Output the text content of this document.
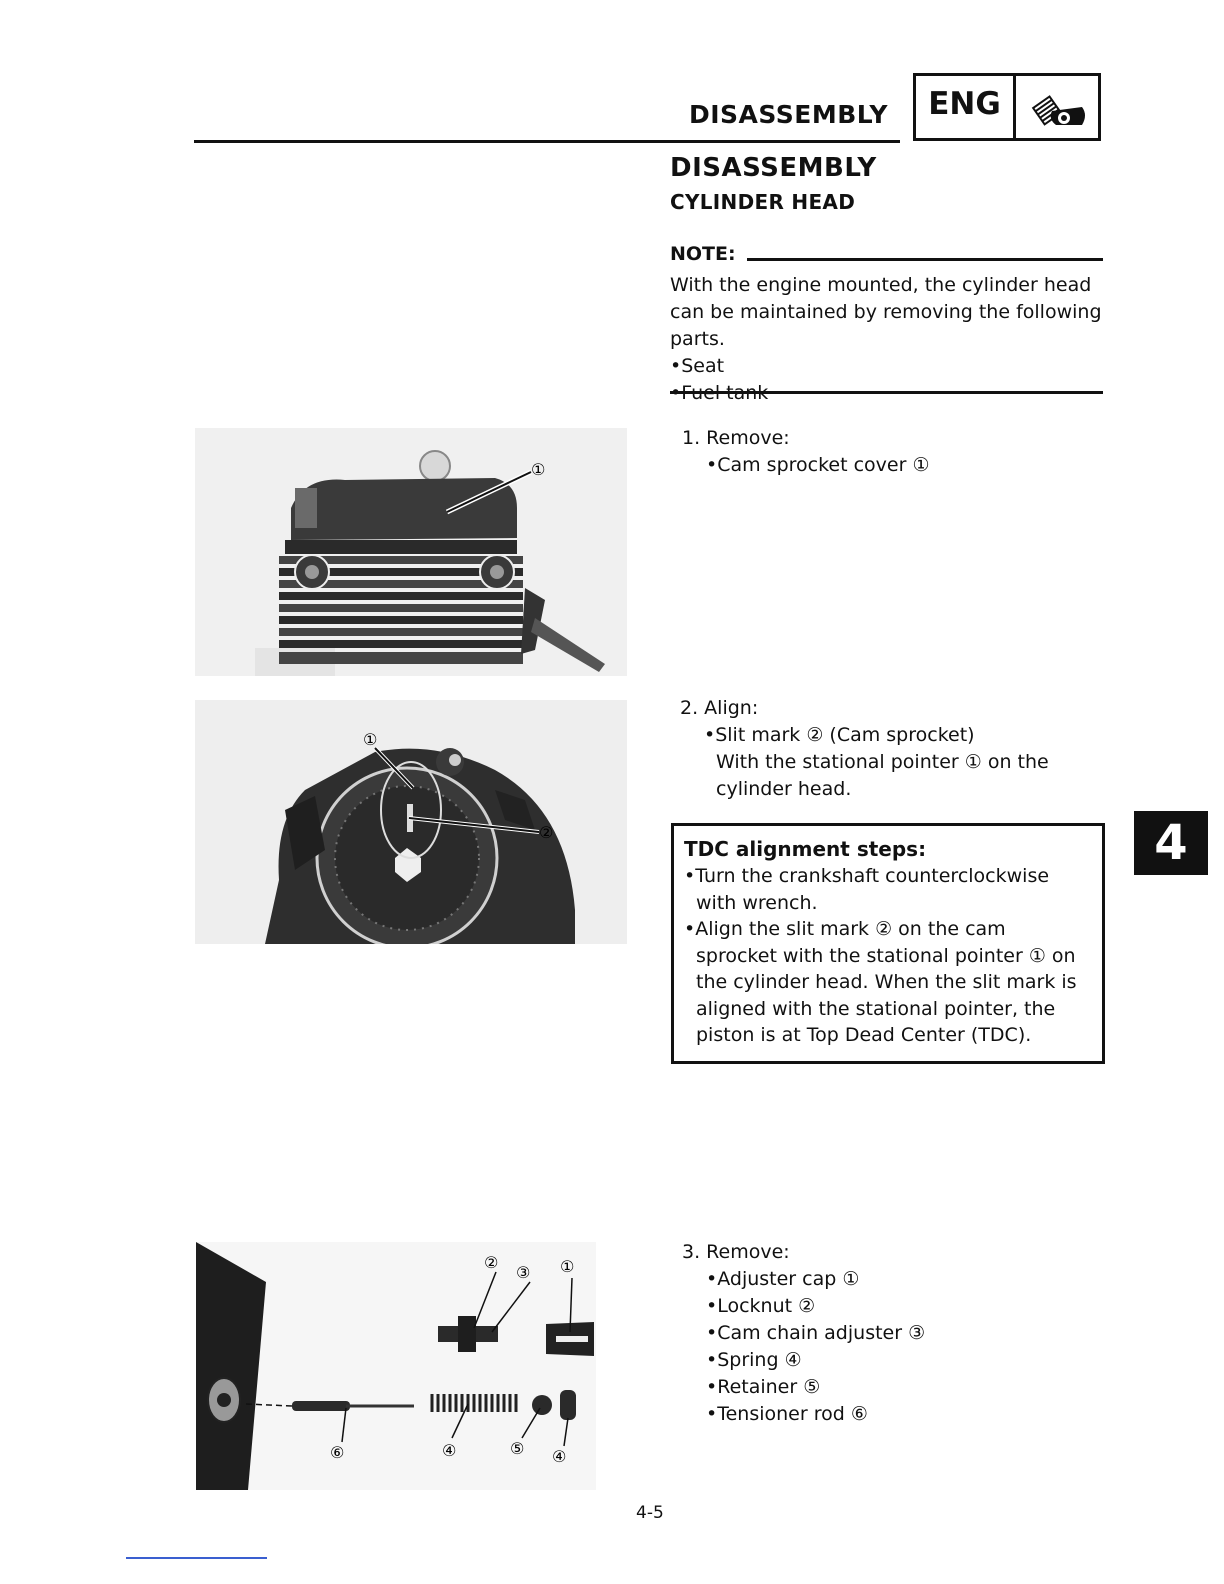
DISASSEMBLY	ENG
DISASSEMBLY
CYLINDER HEAD
NOTE:
With the engine mounted, the cylinder head can be maintained by removing the following parts.
• Seat
•
1. Remove:
• Cam sprocket cover ①
2. Align:
• Slit mark ② (Cam sprocket)
With the stational pointer ① on the cylinder head.
TDC alignment steps:
•Turn the crankshaft counterclockwise with wrench.
•Align the slit mark ② on the cam sprocket with the stational pointer ① on the cylinder head. When the slit mark is aligned with the stational pointer, the piston is at Top Dead Center (TDC).
3. Remove:
• Adjuster cap ①
• Locknut ②
• Cam chain adjuster ③
• Spring ④
• Retainer ⑤
• Tensioner rod ⑥
4
①
①
②
②
③ ①
⑥	④	⑤ ④
4-5
